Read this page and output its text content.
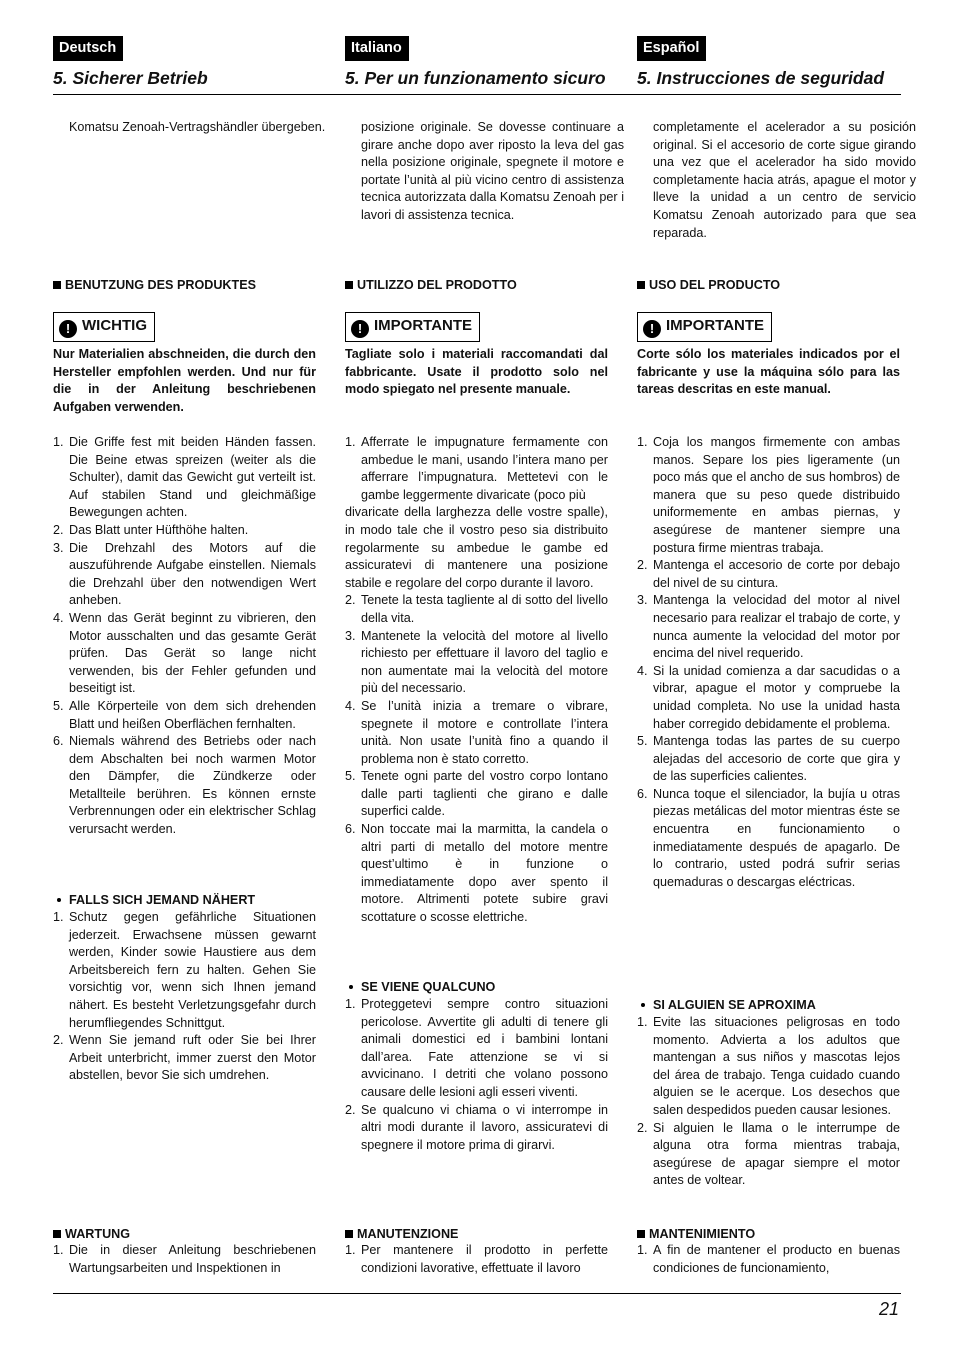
Deutsch
5. Sicherer Betrieb
Komatsu Zenoah-Vertragshändler übergeben.
BENUTZUNG DES PRODUKTES
! WICHTIG
Nur Materialien abschneiden, die durch den Hersteller empfohlen werden. Und nur für die in der Anleitung beschriebenen Aufgaben verwenden.
1. Die Griffe fest mit beiden Händen fassen. Die Beine etwas spreizen (weiter als die Schulter), damit das Gewicht gut verteilt ist. Auf stabilen Stand und gleichmäßige Bewegungen achten.
2. Das Blatt unter Hüfthöhe halten.
3. Die Drehzahl des Motors auf die auszuführende Aufgabe einstellen. Niemals die Drehzahl über den notwendigen Wert anheben.
4. Wenn das Gerät beginnt zu vibrieren, den Motor ausschalten und das gesamte Gerät prüfen. Das Gerät so lange nicht verwenden, bis der Fehler gefunden und beseitigt ist.
5. Alle Körperteile von dem sich drehenden Blatt und heißen Oberflächen fernhalten.
6. Niemals während des Betriebs oder nach dem Abschalten bei noch warmen Motor den Dämpfer, die Zündkerze oder Metallteile berühren. Es können ernste Verbrennungen oder ein elektrischer Schlag verursacht werden.
FALLS SICH JEMAND NÄHERT
1. Schutz gegen gefährliche Situationen jederzeit. Erwachsene müssen gewarnt werden, Kinder sowie Haustiere aus dem Arbeitsbereich fern zu halten. Gehen Sie vorsichtig vor, wenn sich Ihnen jemand nähert. Es besteht Verletzungsgefahr durch herumfliegendes Schnittgut.
2. Wenn Sie jemand ruft oder Sie bei Ihrer Arbeit unterbricht, immer zuerst den Motor abstellen, bevor Sie sich umdrehen.
WARTUNG
1. Die in dieser Anleitung beschriebenen Wartungsarbeiten und Inspektionen in
Italiano
5. Per un funzionamento sicuro
posizione originale. Se dovesse continuare a girare anche dopo aver riposto la leva del gas nella posizione originale, spegnete il motore e portate l’unità al più vicino centro di assistenza tecnica autorizzata dalla Komatsu Zenoah per i lavori di assistenza tecnica.
UTILIZZO DEL PRODOTTO
! IMPORTANTE
Tagliate solo i materiali raccomandati dal fabbricante. Usate il prodotto solo nel modo spiegato nel presente manuale.
1. Afferrate le impugnature fermamente con ambedue le mani, usando l’intera mano per afferrare l’impugnatura. Mettetevi con le gambe leggermente divaricate (poco più
divaricate della larghezza delle vostre spalle), in modo tale che il vostro peso sia distribuito regolarmente su ambedue le gambe ed assicuratevi di mantenere una posizione stabile e regolare del corpo durante il lavoro.
2. Tenete la testa tagliente al di sotto del livello della vita.
3. Mantenete la velocità del motore al livello richiesto per effettuare il lavoro del taglio e non aumentate mai la velocità del motore più del necessario.
4. Se l’unità inizia a tremare o vibrare, spegnete il motore e controllate l’intera unità. Non usate l’unità fino a quando il problema non è stato corretto.
5. Tenete ogni parte del vostro corpo lontano dalle parti taglienti che girano e dalle superfici calde.
6. Non toccate mai la marmitta, la candela o altri parti di metallo del motore mentre quest’ultimo è in funzione o immediatamente dopo aver spento il motore. Altrimenti potete subire gravi scottature o scosse elettriche.
SE VIENE QUALCUNO
1. Proteggetevi sempre contro situazioni pericolose. Avvertite gli adulti di tenere gli animali domestici ed i bambini lontani dall’area. Fate attenzione se vi si avvicinano. I detriti che volano possono causare delle lesioni agli esseri viventi.
2. Se qualcuno vi chiama o vi interrompe in altri modi durante il lavoro, assicuratevi di spegnere il motore prima di girarvi.
MANUTENZIONE
1. Per mantenere il prodotto in perfette condizioni lavorative, effettuate il lavoro
Español
5. Instrucciones de seguridad
completamente el acelerador a su posición original. Si el accesorio de corte sigue girando una vez que el acelerador ha sido movido completamente hacia atrás, apague el motor y lleve la unidad a un centro de servicio Komatsu Zenoah autorizado para que sea reparada.
USO DEL PRODUCTO
! IMPORTANTE
Corte sólo los materiales indicados por el fabricante y use la máquina sólo para las tareas descritas en este manual.
1. Coja los mangos firmemente con ambas manos. Separe los pies ligeramente (un poco más que el ancho de sus hombros) de manera que su peso quede distribuido uniformemente en ambas piernas, y asegúrese de mantener siempre una postura firme mientras trabaja.
2. Mantenga el accesorio de corte por debajo del nivel de su cintura.
3. Mantenga la velocidad del motor al nivel necesario para realizar el trabajo de corte, y nunca aumente la velocidad del motor por encima del nivel requerido.
4. Si la unidad comienza a dar sacudidas o a vibrar, apague el motor y compruebe la unidad completa. No use la unidad hasta haber corregido debidamente el problema.
5. Mantenga todas las partes de su cuerpo alejadas del accesorio de corte que gira y de las superficies calientes.
6. Nunca toque el silenciador, la bujía u otras piezas metálicas del motor mientras éste se encuentra en funcionamiento o inmediatamente después de apagarlo. De lo contrario, usted podrá sufrir serias quemaduras o descargas eléctricas.
SI ALGUIEN SE APROXIMA
1. Evite las situaciones peligrosas en todo momento. Advierta a los adultos que mantengan a sus niños y mascotas lejos del área de trabajo. Tenga cuidado cuando alguien se le acerque. Los desechos que salen despedidos pueden causar lesiones.
2. Si alguien le llama o le interrumpe de alguna otra forma mientras trabaja, asegúrese de apagar siempre el motor antes de voltear.
MANTENIMIENTO
1. A fin de mantener el producto en buenas condiciones de funcionamiento,
21
